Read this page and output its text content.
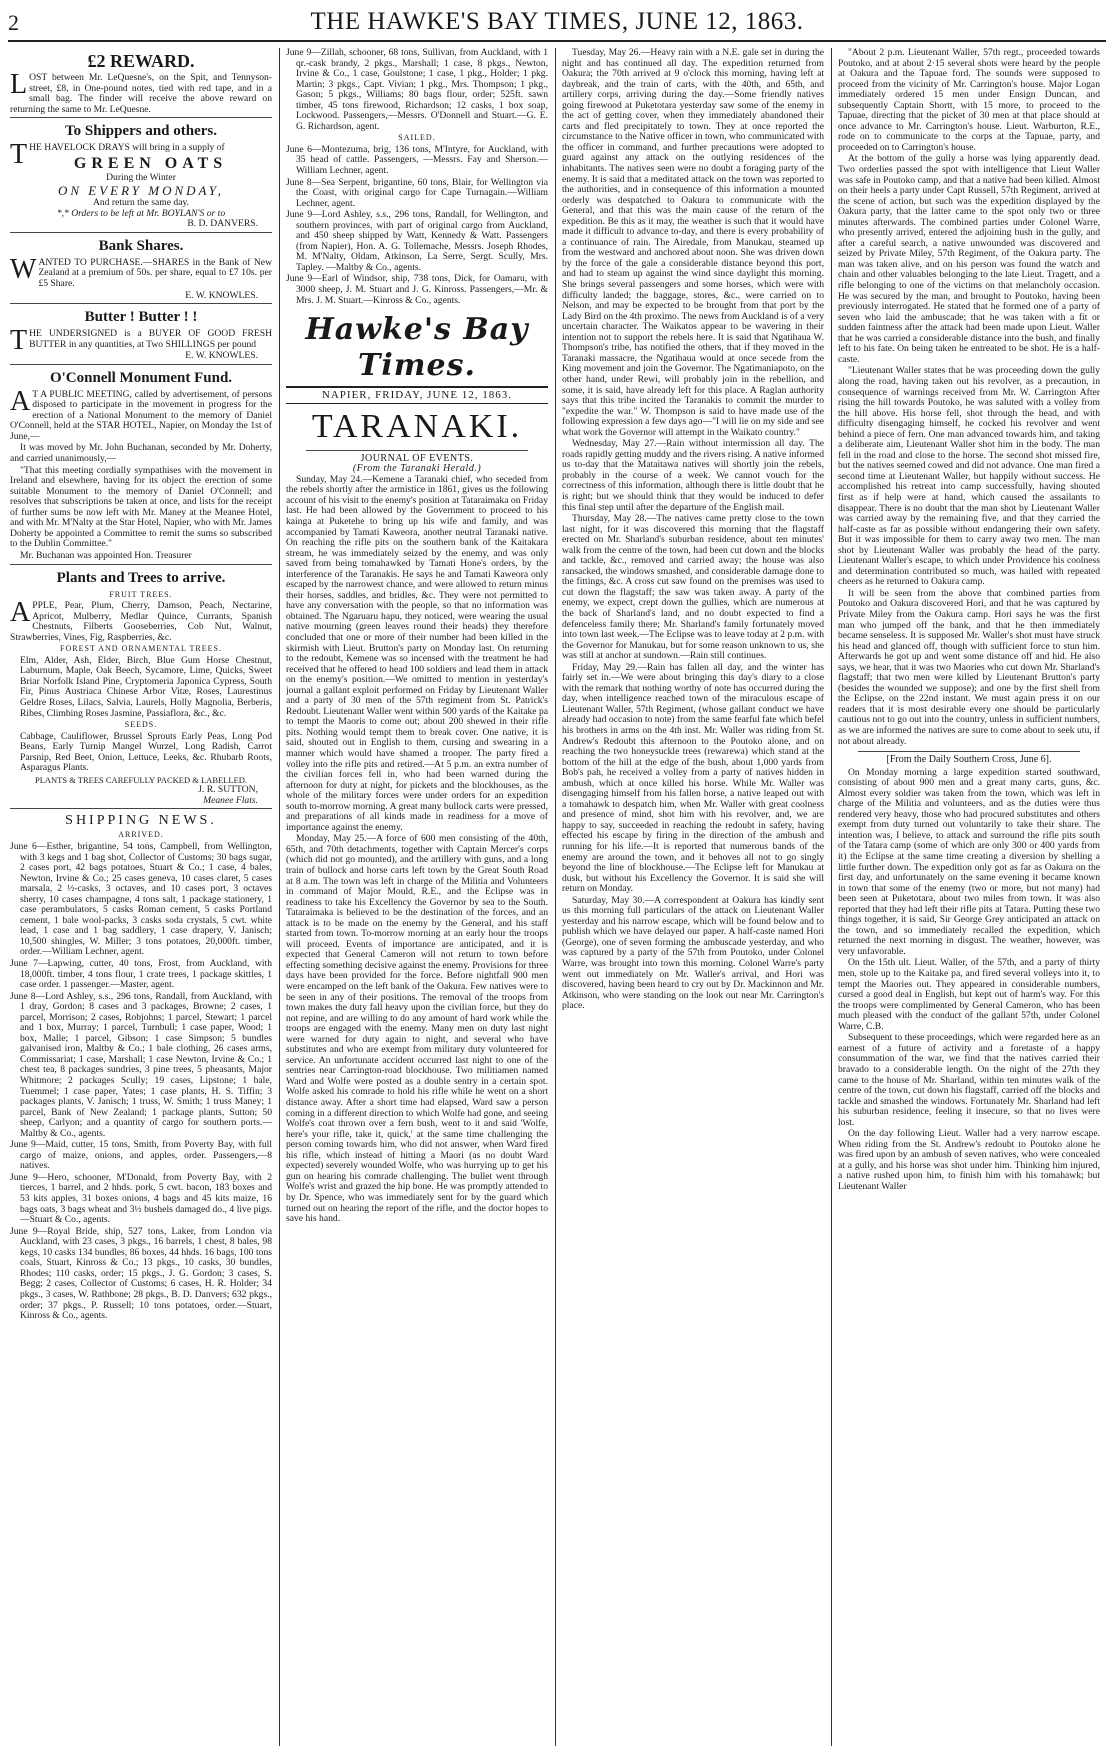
2	THE HAWKE'S BAY TIMES, JUNE 12, 1863.
£2 REWARD.

LOST between Mr. LeQuesne's, on the Spit, and Tennyson-street, £8, in One-pound notes, tied with red tape, and in a small bag. The finder will receive the above reward on returning the same to Mr. LeQuesne.

To Shippers and others.

THE HAVELOCK DRAYS will bring in a supply of

GREEN OATS
During the Winter
ON EVERY MONDAY,
And return the same day.
*,* Orders to be left at Mr. BOYLAN'S or to
B. D. DANVERS.
Bank Shares.

WANTED TO PURCHASE.—SHARES in the Bank of New Zealand at a premium of 50s. per share, equal to £7 10s. per £5 Share.

E. W. KNOWLES.
Butter ! Butter ! !

THE UNDERSIGNED is a BUYER OF GOOD FRESH BUTTER in any quantities, at Two SHILLINGS per pound

E. W. KNOWLES.
O'Connell Monument Fund.

AT A PUBLIC MEETING, called by advertisement, of persons disposed to participate in the movement in progress for the erection of a National Monument to the memory of Daniel O'Connell, held at the STAR HOTEL, Napier, on Monday the 1st of June,—

It was moved by Mr. John Buchanan, seconded by Mr. Doherty, and carried unanimously,—

"That this meeting cordially sympathises with the movement in Ireland and elsewhere, having for its object the erection of some suitable Monument to the memory of Daniel O'Connell; and resolves that subscriptions be taken at once, and lists for the receipt of further sums be now left with Mr. Maney at the Meanee Hotel, and with Mr. M'Nalty at the Star Hotel, Napier, who with Mr. James Doherty be appointed a Committee to remit the sums so subscribed to the Dublin Committee."

Mr. Buchanan was appointed Hon. Treasurer

Plants and Trees to arrive.
FRUIT TREES.

APPLE, Pear, Plum, Cherry, Damson, Peach, Nectarine, Apricot, Mulberry, Medlar Quince, Currants, Spanish Chestnuts, Filberts Gooseberries, Cob Nut, Walnut, Strawberries, Vines, Fig, Raspberries, &c.

FOREST AND ORNAMENTAL TREES.

Elm, Alder, Ash, Elder, Birch, Blue Gum Horse Chestnut, Laburnum, Maple, Oak Beech, Sycamore, Lime, Quicks, Sweet Briar Norfolk Island Pine, Cryptomeria Japonica Cypress, South Fir, Pinus Austriaca Chinese Arbor Vitæ, Roses, Laurestinus Geldre Roses, Lilacs, Salvia, Laurels, Holly Magnolia, Berberis, Ribes, Climbing Roses Jasmine, Passiaflora, &c., &c.

SEEDS.

Cabbage, Cauliflower, Brussel Sprouts Early Peas, Long Pod Beans, Early Turnip Mangel Wurzel, Long Radish, Carrot Parsnip, Red Beet, Onion, Lettuce, Leeks, &c. Rhubarb Roots, Asparagus Plants.

PLANTS & TREES CAREFULLY PACKED & LABELLED.
J. R. SUTTON,
Meanee Flats.
SHIPPING NEWS.
ARRIVED.

June 6—Esther, brigantine, 54 tons, Campbell, from Wellington, with 3 kegs and 1 bag shot, Collector of Customs; 30 bags sugar, 2 cases port, 42 bags potatoes, Stuart & Co.; 1 case, 4 bales, Newton, Irvine & Co.; 25 cases geneva, 10 cases claret, 5 cases marsala, 2 ½-casks, 3 octaves, and 10 cases port, 3 octaves sherry, 10 cases champagne, 4 tons salt, 1 package stationery, 1 case perambulators, 5 casks Roman cement, 5 casks Portland cement, 1 bale wool-packs, 3 casks soda crystals, 5 cwt. white lead, 1 case and 1 bag saddlery, 1 case drapery, V. Janisch; 10,500 shingles, W. Miller; 3 tons potatoes, 20,000ft. timber, order.—William Lechner, agent.

June 7—Lapwing, cutter, 40 tons, Frost, from Auckland, with 18,000ft. timber, 4 tons flour, 1 crate trees, 1 package skittles, 1 case order. 1 passenger.—Master, agent.

June 8—Lord Ashley, s.s., 296 tons, Randall, from Auckland, with 1 dray, Gordon; 8 cases and 3 packages, Browne; 2 cases, 1 parcel, Morrison; 2 cases, Robjohns; 1 parcel, Stewart; 1 parcel and 1 box, Murray; 1 parcel, Turnbull; 1 case paper, Wood; 1 box, Malle; 1 parcel, Gibson; 1 case Simpson; 5 bundles galvanised iron, Maltby & Co.; 1 bale clothing, 26 cases arms, Commissariat; 1 case, Marshall; 1 case Newton, Irvine & Co.; 1 chest tea, 8 packages sundries, 3 pine trees, 5 pheasants, Major Whitmore; 2 packages Scully; 19 cases, Lipstone; 1 bale, Tuemmel; 1 case paper, Yates; 1 case plants, H. S. Tiffin; 3 packages plants, V. Janisch; 1 truss, W. Smith; 1 truss Maney; 1 parcel, Bank of New Zealand; 1 package plants, Sutton; 50 sheep, Carlyon; and a quantity of cargo for southern ports.—Maltby & Co., agents.

June 9—Maid, cutter, 15 tons, Smith, from Poverty Bay, with full cargo of maize, onions, and apples, order. Passengers,—8 natives.

June 9—Hero, schooner, M'Donald, from Poverty Bay, with 2 tierces, 1 barrel, and 2 hhds. pork, 5 cwt. bacon, 183 boxes and 53 kits apples, 31 boxes onions, 4 bags and 45 kits maize, 16 bags oats, 3 bags wheat and 3½ bushels damaged do., 4 live pigs.—Stuart & Co., agents.

June 9—Royal Bride, ship, 527 tons, Laker, from London via Auckland, with 23 cases, 3 pkgs., 16 barrels, 1 chest, 8 bales, 98 kegs, 10 casks 134 bundles, 86 boxes, 44 hhds. 16 bags, 100 tons coals, Stuart, Kinross & Co.; 13 pkgs., 10 casks, 30 bundles, Rhodes; 110 casks, order; 15 pkgs., J. G. Gordon; 3 cases, S. Begg; 2 cases, Collector of Customs; 6 cases, H. R. Holder; 34 pkgs., 3 cases, W. Rathbone; 28 pkgs., B. D. Danvers; 632 pkgs., order; 37 pkgs., P. Russell; 10 tons potatoes, order.—Stuart, Kinross & Co., agents.

June 9—Zillah, schooner, 68 tons, Sullivan, from Auckland, with 1 qr.-cask brandy, 2 pkgs., Marshall; 1 case, 8 pkgs., Newton, Irvine & Co., 1 case, Goulstone; 1 case, 1 pkg., Holder; 1 pkg. Martin; 3 pkgs., Capt. Vivian; 1 pkg., Mrs. Thompson; 1 pkg., Gason; 5 pkgs., Williams; 80 bags flour, order; 525ft. sawn timber, 45 tons firewood, Richardson; 12 casks, 1 box soap, Lockwood. Passengers,—Messrs. O'Donnell and Stuart.—G. E. G. Richardson, agent.

SAILED.

June 6—Montezuma, brig, 136 tons, M'Intyre, for Auckland, with 35 head of cattle. Passengers, —Messrs. Fay and Sherson.—William Lechner, agent.

June 8—Sea Serpent, brigantine, 60 tons, Blair, for Wellington via the Coast, with original cargo for Cape Turnagain.—William Lechner, agent.

June 9—Lord Ashley, s.s., 296 tons, Randall, for Wellington, and southern provinces, with part of original cargo from Auckland, and 450 sheep shipped by Watt, Kennedy & Watt. Passengers (from Napier), Hon. A. G. Tollemache, Messrs. Joseph Rhodes, M. M'Nalty, Oldam, Atkinson, La Serre, Sergt. Scully, Mrs. Tapley. —Maltby & Co., agents.

June 9—Earl of Windsor, ship, 738 tons, Dick, for Oamaru, with 3000 sheep, J. M. Stuart and J. G. Kinross. Passengers,—Mr. & Mrs. J. M. Stuart.—Kinross & Co., agents.

Hawke's Bay Times.
NAPIER, FRIDAY, JUNE 12, 1863.
TARANAKI.
JOURNAL OF EVENTS.
(From the Taranaki Herald.)

Sunday, May 24.—Kemene a Taranaki chief, who seceded from the rebels shortly after the armistice in 1861, gives us the following account of his visit to the enemy's position at Tataraimaka on Friday last. He had been allowed by the Government to proceed to his kainga at Puketehe to bring up his wife and family, and was accompanied by Tamati Kaweora, another neutral Taranaki native. On reaching the rifle pits on the southern bank of the Kaitakara stream, he was immediately seized by the enemy, and was only saved from being tomahawked by Tamati Hone's orders, by the interference of the Taranakis. He says he and Tamati Kaweora only escaped by the narrowest chance, and were allowed to return minus their horses, saddles, and bridles, &c. They were not permitted to have any conversation with the people, so that no information was obtained. The Ngaruaru hapu, they noticed, were wearing the usual native mourning (green leaves round their heads) they therefore concluded that one or more of their number had been killed in the skirmish with Lieut. Brutton's party on Monday last. On returning to the redoubt, Kemene was so incensed with the treatment he had received that he offered to head 100 soldiers and lead them in attack on the enemy's position.—We omitted to mention in yesterday's journal a gallant exploit performed on Friday by Lieutenant Waller and a party of 30 men of the 57th regiment from St. Patrick's Redoubt. Lieutenant Waller went within 500 yards of the Kaitake pa to tempt the Maoris to come out; about 200 shewed in their rifle pits. Nothing would tempt them to break cover. One native, it is said, shouted out in English to them, cursing and swearing in a manner which would have shamed a trooper. The party fired a volley into the rifle pits and retired.—At 5 p.m. an extra number of the civilian forces fell in, who had been warned during the afternoon for duty at night, for pickets and the blockhouses, as the whole of the military forces were under orders for an expedition south to-morrow morning. A great many bullock carts were pressed, and preparations of all kinds made in readiness for a move of importance against the enemy.

Monday, May 25.—A force of 600 men consisting of the 40th, 65th, and 70th detachments, together with Captain Mercer's corps (which did not go mounted), and the artillery with guns, and a long train of bullock and horse carts left town by the Great South Road at 8 a.m. The town was left in charge of the Militia and Volunteers in command of Major Mould, R.E., and the Eclipse was in readiness to take his Excellency the Governor by sea to the South. Tataraimaka is believed to be the destination of the forces, and an attack is to be made on the enemy by the General, and his staff started from town. To-morrow morning at an early hour the troops will proceed. Events of importance are anticipated, and it is expected that General Cameron will not return to town before effecting something decisive against the enemy. Provisions for three days have been provided for the force. Before nightfall 900 men were encamped on the left bank of the Oakura. Few natives were to be seen in any of their positions. The removal of the troops from town makes the duty fall heavy upon the civilian force, but they do not repine, and are willing to do any amount of hard work while the troops are engaged with the enemy. Many men on duty last night were warned for duty again to night, and several who have substitutes and who are exempt from military duty volunteered for service. An unfortunate accident occurred last night to one of the sentries near Carrington-road blockhouse. Two militiamen named Ward and Wolfe were posted as a double sentry in a certain spot. Wolfe asked his comrade to hold his rifle while he went on a short distance away. After a short time had elapsed, Ward saw a person coming in a different direction to which Wolfe had gone, and seeing Wolfe's coat thrown over a fern bush, went to it and said 'Wolfe, here's your rifle, take it, quick,' at the same time challenging the person coming towards him, who did not answer, when Ward fired his rifle, which instead of hitting a Maori (as no doubt Ward expected) severely wounded Wolfe, who was hurrying up to get his gun on hearing his comrade challenging. The bullet went through Wolfe's wrist and grazed the hip bone. He was promptly attended to by Dr. Spence, who was immediately sent for by the guard which turned out on hearing the report of the rifle, and the doctor hopes to save his hand.

Tuesday, May 26.—Heavy rain with a N.E. gale set in during the night and has continued all day. The expedition returned from Oakura; the 70th arrived at 9 o'clock this morning, having left at daybreak, and the train of carts, with the 40th, and 65th, and artillery corps, arriving during the day.—Some friendly natives going firewood at Puketotara yesterday saw some of the enemy in the act of getting cover, when they immediately abandoned their carts and fled precipitately to town. They at once reported the circumstance to the Native officer in town, who communicated with the officer in command, and further precautions were adopted to guard against any attack on the outlying residences of the inhabitants. The natives seen were no doubt a foraging party of the enemy. It is said that a meditated attack on the town was reported to the authorities, and in consequence of this information a mounted orderly was despatched to Oakura to communicate with the General, and that this was the main cause of the return of the expedition. Be this as it may, the weather is such that it would have made it difficult to advance to-day, and there is every probability of a continuance of rain. The Airedale, from Manukau, steamed up from the westward and anchored about noon. She was driven down by the force of the gale a considerable distance beyond this port, and had to steam up against the wind since daylight this morning. She brings several passengers and some horses, which were with difficulty landed; the baggage, stores, &c., were carried on to Nelson, and may be expected to be brought from that port by the Lady Bird on the 4th proximo. The news from Auckland is of a very uncertain character. The Waikatos appear to be wavering in their intention not to support the rebels here. It is said that Ngatihaua W. Thompson's tribe, has notified the others, that if they moved in the Taranaki massacre, the Ngatihaua would at once secede from the King movement and join the Governor. The Ngatimaniapoto, on the other hand, under Rewi, will probably join in the rebellion, and some, it is said, have already left for this place. A Raglan authority says that this tribe incited the Taranakis to commit the murder to "expedite the war." W. Thompson is said to have made use of the following expression a few days ago—"I will lie on my side and see what work the Governor will attempt in the Waikato country."

Wednesday, May 27.—Rain without intermission all day. The roads rapidly getting muddy and the rivers rising. A native informed us to-day that the Mataitawa natives will shortly join the rebels, probably in the course of a week. We cannot vouch for the correctness of this information, although there is little doubt that he is right; but we should think that they would be induced to defer this final step until after the departure of the English mail.

Thursday, May 28.—The natives came pretty close to the town last night, for it was discovered this morning that the flagstaff erected on Mr. Sharland's suburban residence, about ten minutes' walk from the centre of the town, had been cut down and the blocks and tackle, &c., removed and carried away; the house was also ransacked, the windows smashed, and considerable damage done to the fittings, &c. A cross cut saw found on the premises was used to cut down the flagstaff; the saw was taken away. A party of the enemy, we expect, crept down the gullies, which are numerous at the back of Sharland's land, and no doubt expected to find a defenceless family there; Mr. Sharland's family fortunately moved into town last week.—The Eclipse was to leave today at 2 p.m. with the Governor for Manukau, but for some reason unknown to us, she was still at anchor at sundown.—Rain still continues.

Friday, May 29.—Rain has fallen all day, and the winter has fairly set in.—We were about bringing this day's diary to a close with the remark that nothing worthy of note has occurred during the day, when intelligence reached town of the miraculous escape of Lieutenant Waller, 57th Regiment, (whose gallant conduct we have already had occasion to note) from the same fearful fate which befel his brothers in arms on the 4th inst. Mr. Waller was riding from St. Andrew's Redoubt this afternoon to the Poutoko alone, and on reaching the two honeysuckle trees (rewarewa) which stand at the bottom of the hill at the edge of the bush, about 1,000 yards from Bob's pah, he received a volley from a party of natives hidden in ambush, which at once killed his horse. While Mr. Waller was disengaging himself from his fallen horse, a native leaped out with a tomahawk to despatch him, when Mr. Waller with great coolness and presence of mind, shot him with his revolver, and, we are happy to say, succeeded in reaching the redoubt in safety, having effected his escape by firing in the direction of the ambush and running for his life.—It is reported that numerous bands of the enemy are around the town, and it behoves all not to go singly beyond the line of blockhouse.—The Eclipse left for Manukau at dusk, but without his Excellency the Governor. It is said she will return on Monday.

Saturday, May 30.—A correspondent at Oakura has kindly sent us this morning full particulars of the attack on Lieutenant Waller yesterday and his narrow escape, which will be found below and to publish which we have delayed our paper. A half-caste named Hori (George), one of seven forming the ambuscade yesterday, and who was captured by a party of the 57th from Poutoko, under Colonel Warre, was brought into town this morning. Colonel Warre's party went out immediately on Mr. Waller's arrival, and Hori was discovered, having been heard to cry out by Dr. Mackinnon and Mr. Atkinson, who were standing on the look out near Mr. Carrington's place.

"About 2 p.m. Lieutenant Waller, 57th regt., proceeded towards Poutoko, and at about 2·15 several shots were heard by the people at Oakura and the Tapuae ford. The sounds were supposed to proceed from the vicinity of Mr. Carrington's house. Major Logan immediately ordered 15 men under Ensign Duncan, and subsequently Captain Shortt, with 15 more, to proceed to the Tapuae, directing that the picket of 30 men at that place should at once advance to Mr. Carrington's house. Lieut. Warburton, R.E., rode on to communicate to the corps at the Tapuae, party, and proceeded on to Carrington's house.

At the bottom of the gully a horse was lying apparently dead. Two orderlies passed the spot with intelligence that Lieut Waller was safe in Poutoko camp, and that a native had been killed. Almost on their heels a party under Capt Russell, 57th Regiment, arrived at the scene of action, but such was the expedition displayed by the Oakura party, that the latter came to the spot only two or three minutes afterwards. The combined parties under Colonel Warre, who presently arrived, entered the adjoining bush in the gully, and after a careful search, a native unwounded was discovered and seized by Private Miley, 57th Regiment, of the Oakura party. The man was taken alive, and on his person was found the watch and chain and other valuables belonging to the late Lieut. Tragett, and a rifle belonging to one of the victims on that melancholy occasion. He was secured by the man, and brought to Poutoko, having been previously interrogated. He stated that he formed one of a party of seven who laid the ambuscade; that he was taken with a fit or sudden faintness after the attack had been made upon Lieut. Waller that he was carried a considerable distance into the bush, and finally left to his fate. On being taken he entreated to be shot. He is a half-caste.

"Lieutenant Waller states that he was proceeding down the gully along the road, having taken out his revolver, as a precaution, in consequence of warnings received from Mr. W. Carrington After rising the hill towards Poutoko, he was saluted with a volley from the hill above. His horse fell, shot through the head, and with difficulty disengaging himself, he cocked his revolver and went behind a piece of fern. One man advanced towards him, and taking a deliberate aim, Lieutenant Waller shot him in the body. The man fell in the road and close to the horse. The second shot missed fire, but the natives seemed cowed and did not advance. One man fired a second time at Lieutenant Waller, but happily without success. He accomplished his retreat into camp successfully, having shouted first as if help were at hand, which caused the assailants to disappear. There is no doubt that the man shot by Lieutenant Waller was carried away by the remaining five, and that they carried the half-caste as far as possible without endangering their own safety. But it was impossible for them to carry away two men. The man shot by Lieutenant Waller was probably the head of the party. Lieutenant Waller's escape, to which under Providence his coolness and determination contributed so much, was hailed with repeated cheers as he returned to Oakura camp.

It will be seen from the above that combined parties from Poutoko and Oakura discovered Hori, and that he was captured by Private Miley from the Oakura camp. Hori says he was the first man who jumped off the bank, and that he then immediately became senseless. It is supposed Mr. Waller's shot must have struck his head and glanced off, though with sufficient force to stun him. Afterwards he got up and went some distance off and hid. He also says, we hear, that it was two Maories who cut down Mr. Sharland's flagstaff; that two men were killed by Lieutenant Brutton's party (besides the wounded we suppose); and one by the first shell from the Eclipse, on the 22nd instant. We must again press it on our readers that it is most desirable every one should be particularly cautious not to go out into the country, unless in sufficient numbers, as we are informed the natives are sure to come about to seek utu, if not about already.

[From the Daily Southern Cross, June 6].

On Monday morning a large expedition started southward, consisting of about 900 men and a great many carts, guns, &c. Almost every soldier was taken from the town, which was left in charge of the Militia and volunteers, and as the duties were thus rendered very heavy, those who had procured substitutes and others exempt from duty turned out voluntarily to take their share. The intention was, I believe, to attack and surround the rifle pits south of the Tatara camp (some of which are only 300 or 400 yards from it) the Eclipse at the same time creating a diversion by shelling a little further down. The expedition only got as far as Oakura on the first day, and unfortunately on the same evening it became known in town that some of the enemy (two or more, but not many) had been seen at Puketotara, about two miles from town. It was also reported that they had left their rifle pits at Tatara. Putting these two things together, it is said, Sir George Grey anticipated an attack on the town, and so immediately recalled the expedition, which returned the next morning in disgust. The weather, however, was very unfavorable.

On the 15th ult. Lieut. Waller, of the 57th, and a party of thirty men, stole up to the Kaitake pa, and fired several volleys into it, to tempt the Maories out. They appeared in considerable numbers, cursed a good deal in English, but kept out of harm's way. For this the troops were complimented by General Cameron, who has been much pleased with the conduct of the gallant 57th, under Colonel Warre, C.B.

Subsequent to these proceedings, which were regarded here as an earnest of a future of activity and a foretaste of a happy consummation of the war, we find that the natives carried their bravado to a considerable length. On the night of the 27th they came to the house of Mr. Sharland, within ten minutes walk of the centre of the town, cut down his flagstaff, carried off the blocks and tackle and smashed the windows. Fortunately Mr. Sharland had left his suburban residence, feeling it insecure, so that no lives were lost.

On the day following Lieut. Waller had a very narrow escape. When riding from the St. Andrew's redoubt to Poutoko alone he was fired upon by an ambush of seven natives, who were concealed at a gully, and his horse was shot under him. Thinking him injured, a native rushed upon him, to finish him with his tomahawk; but Lieutenant Waller
